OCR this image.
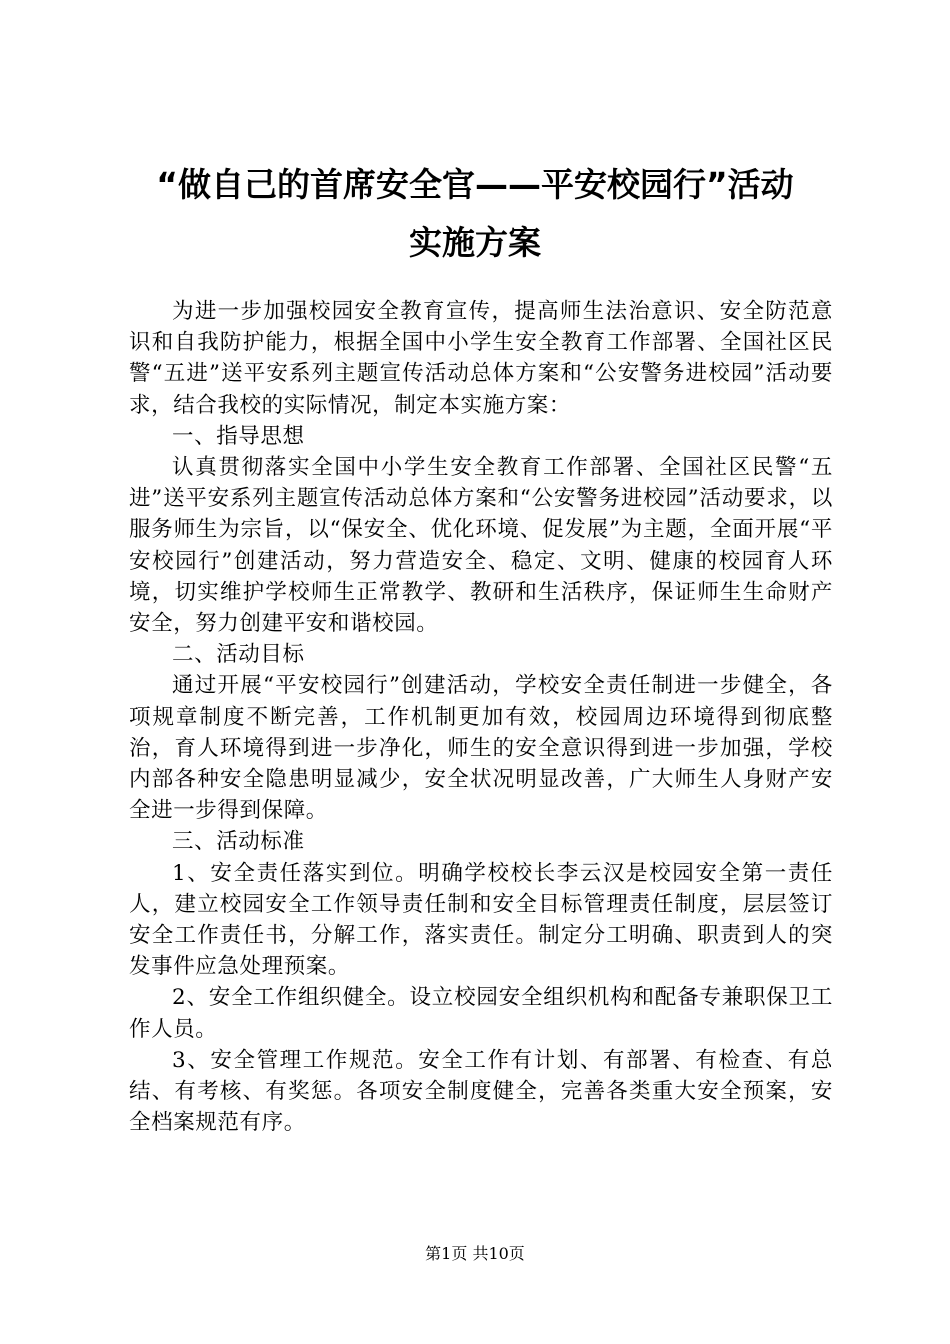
“做自己的首席安全官——平安校园行”活动
实施方案

为进一步加强校园安全教育宣传，提高师生法治意识、安全防范意识和自我防护能力，根据全国中小学生安全教育工作部署、全国社区民警“五进”送平安系列主题宣传活动总体方案和“公安警务进校园”活动要求，结合我校的实际情况，制定本实施方案：

一、指导思想

认真贯彻落实全国中小学生安全教育工作部署、全国社区民警“五进”送平安系列主题宣传活动总体方案和“公安警务进校园”活动要求，以服务师生为宗旨，以“保安全、优化环境、促发展”为主题，全面开展“平安校园行”创建活动，努力营造安全、稳定、文明、健康的校园育人环境，切实维护学校师生正常教学、教研和生活秩序，保证师生生命财产安全，努力创建平安和谐校园。

二、活动目标

通过开展“平安校园行”创建活动，学校安全责任制进一步健全，各项规章制度不断完善，工作机制更加有效，校园周边环境得到彻底整治，育人环境得到进一步净化，师生的安全意识得到进一步加强，学校内部各种安全隐患明显减少，安全状况明显改善，广大师生人身财产安全进一步得到保障。

三、活动标准

1、安全责任落实到位。明确学校校长李云汉是校园安全第一责任人，建立校园安全工作领导责任制和安全目标管理责任制度，层层签订安全工作责任书，分解工作，落实责任。制定分工明确、职责到人的突发事件应急处理预案。

2、安全工作组织健全。设立校园安全组织机构和配备专兼职保卫工作人员。

3、安全管理工作规范。安全工作有计划、有部署、有检查、有总结、有考核、有奖惩。各项安全制度健全，完善各类重大安全预案，安全档案规范有序。

第1页 共10页
